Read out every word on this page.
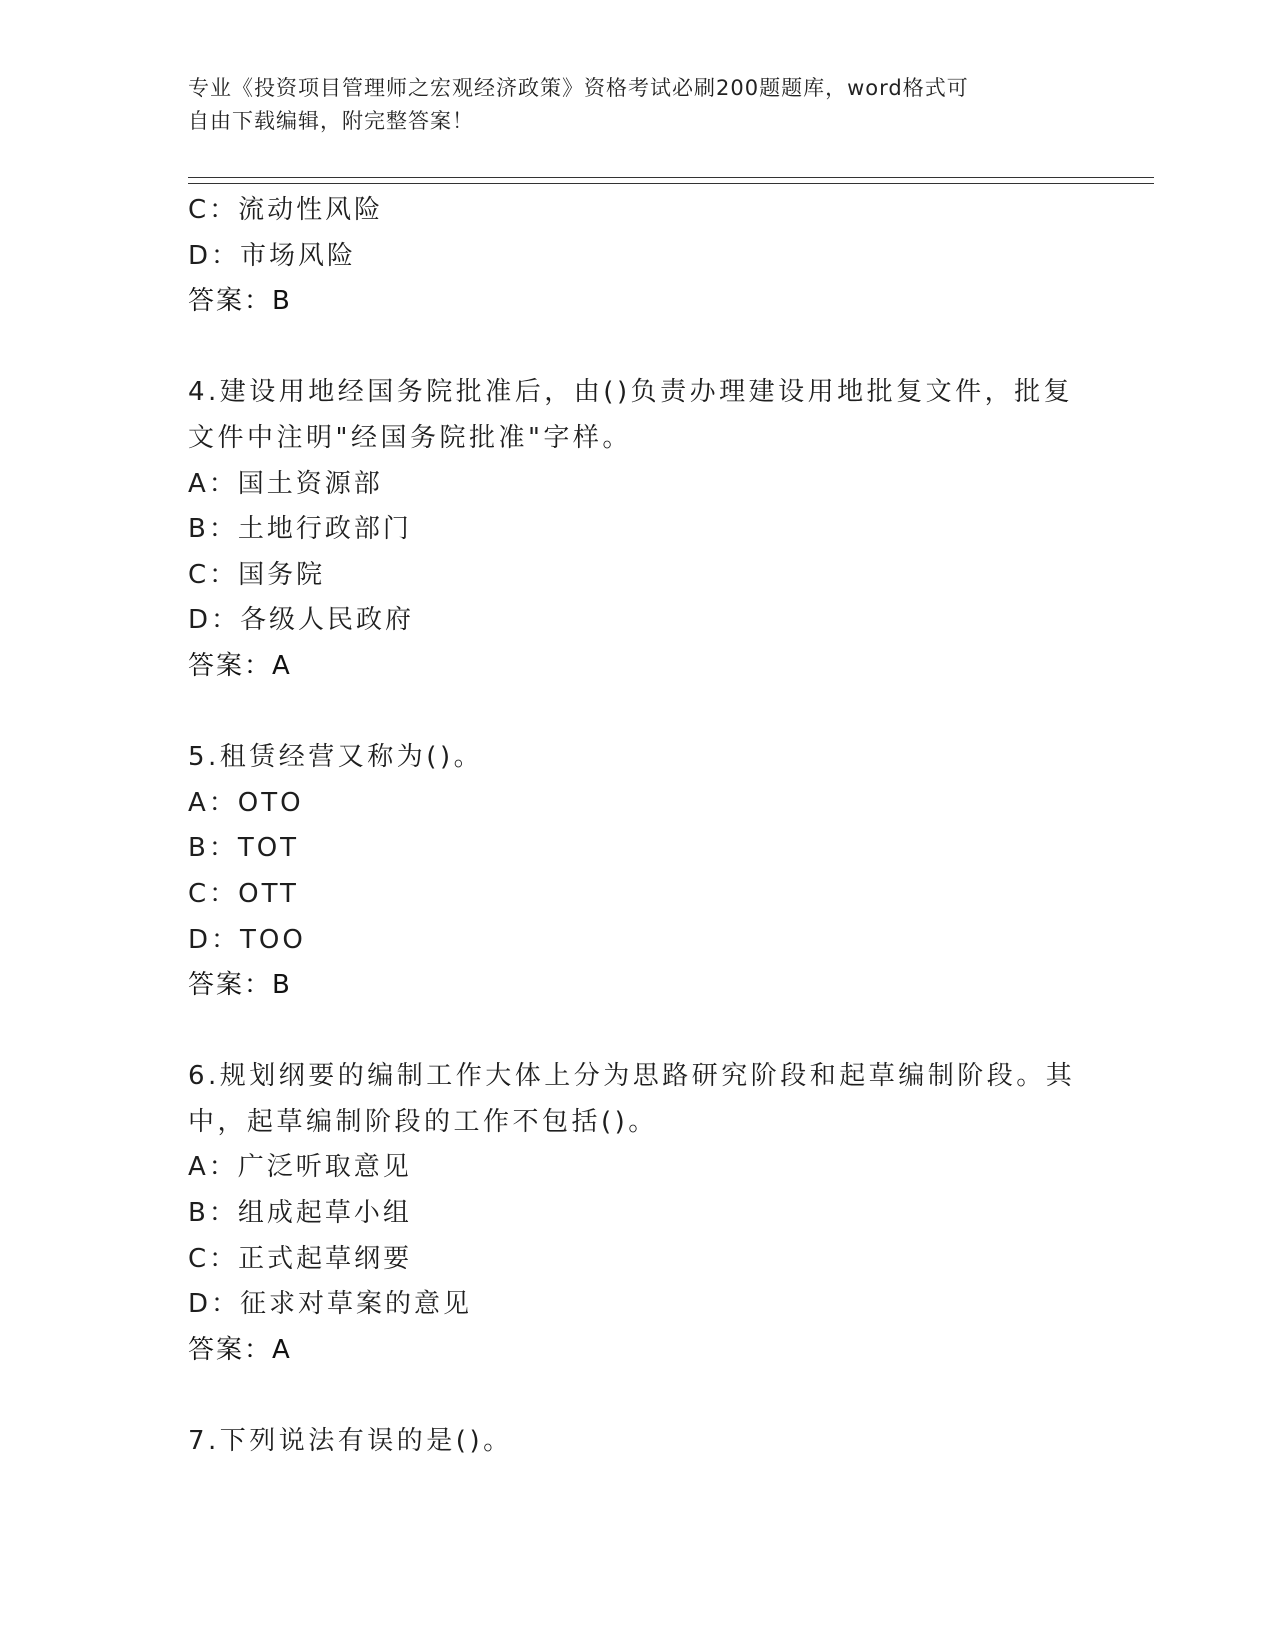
专业《投资项目管理师之宏观经济政策》资格考试必刷200题题库，word格式可
自由下载编辑，附完整答案！
C：流动性风险
D：市场风险
答案：B
4.建设用地经国务院批准后，由()负责办理建设用地批复文件，批复
文件中注明"经国务院批准"字样。
A：国土资源部
B：土地行政部门
C：国务院
D：各级人民政府
答案：A
5.租赁经营又称为()。
A：OTO
B：TOT
C：OTT
D：TOO
答案：B
6.规划纲要的编制工作大体上分为思路研究阶段和起草编制阶段。其
中，起草编制阶段的工作不包括()。
A：广泛听取意见
B：组成起草小组
C：正式起草纲要
D：征求对草案的意见
答案：A
7.下列说法有误的是()。
